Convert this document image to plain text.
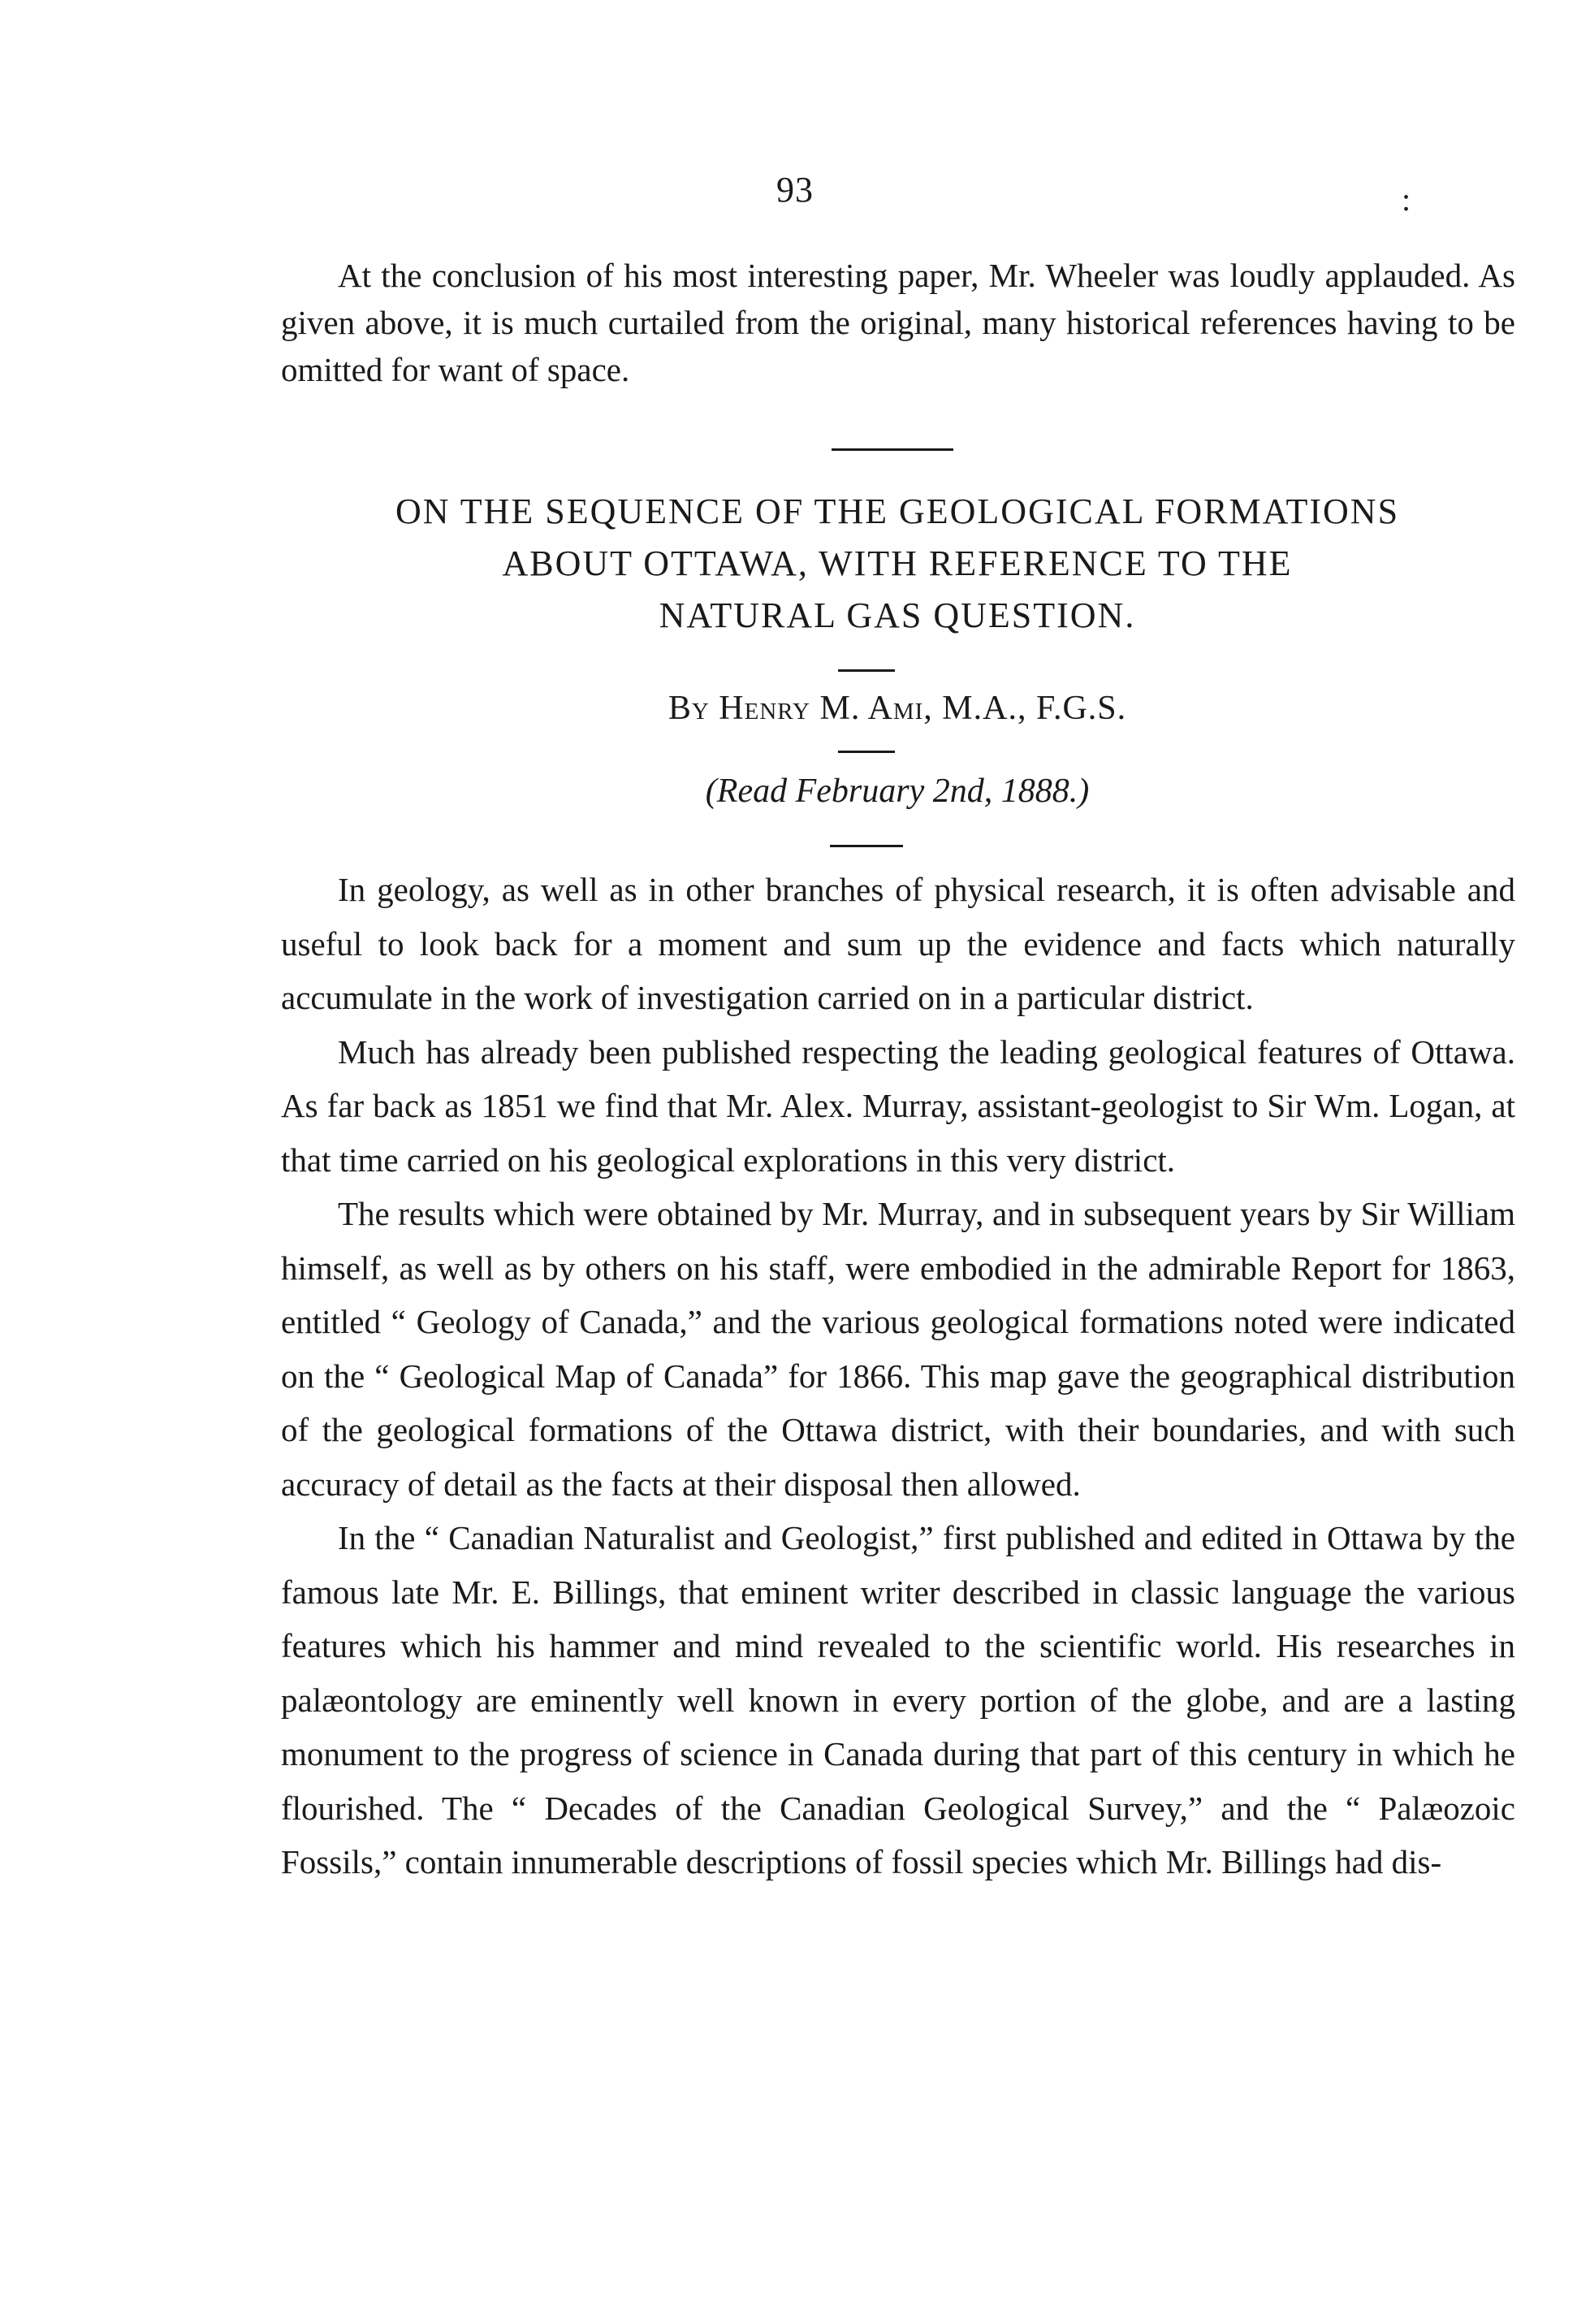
93	:

At the conclusion of his most interesting paper, Mr. Wheeler was loudly applauded. As given above, it is much curtailed from the original, many historical references having to be omitted for want of space.

ON THE SEQUENCE OF THE GEOLOGICAL FORMATIONS
ABOUT OTTAWA, WITH REFERENCE TO THE
NATURAL GAS QUESTION.

By Henry M. Ami, M.A., F.G.S.

(Read February 2nd, 1888.)

In geology, as well as in other branches of physical research, it is often advisable and useful to look back for a moment and sum up the evidence and facts which naturally accumulate in the work of investigation carried on in a particular district.

Much has already been published respecting the leading geological features of Ottawa. As far back as 1851 we find that Mr. Alex. Murray, assistant-geologist to Sir Wm. Logan, at that time carried on his geological explorations in this very district.

The results which were obtained by Mr. Murray, and in subsequent years by Sir William himself, as well as by others on his staff, were embodied in the admirable Report for 1863, entitled “ Geology of Canada,” and the various geological formations noted were indicated on the “ Geological Map of Canada” for 1866. This map gave the geographical distribution of the geological formations of the Ottawa district, with their boundaries, and with such accuracy of detail as the facts at their disposal then allowed.

In the “ Canadian Naturalist and Geologist,” first published and edited in Ottawa by the famous late Mr. E. Billings, that eminent writer described in classic language the various features which his hammer and mind revealed to the scientific world. His researches in palæontology are eminently well known in every portion of the globe, and are a lasting monument to the progress of science in Canada during that part of this century in which he flourished. The “ Decades of the Canadian Geological Survey,” and the “ Palæozoic Fossils,” contain innumerable descriptions of fossil species which Mr. Billings had dis-
